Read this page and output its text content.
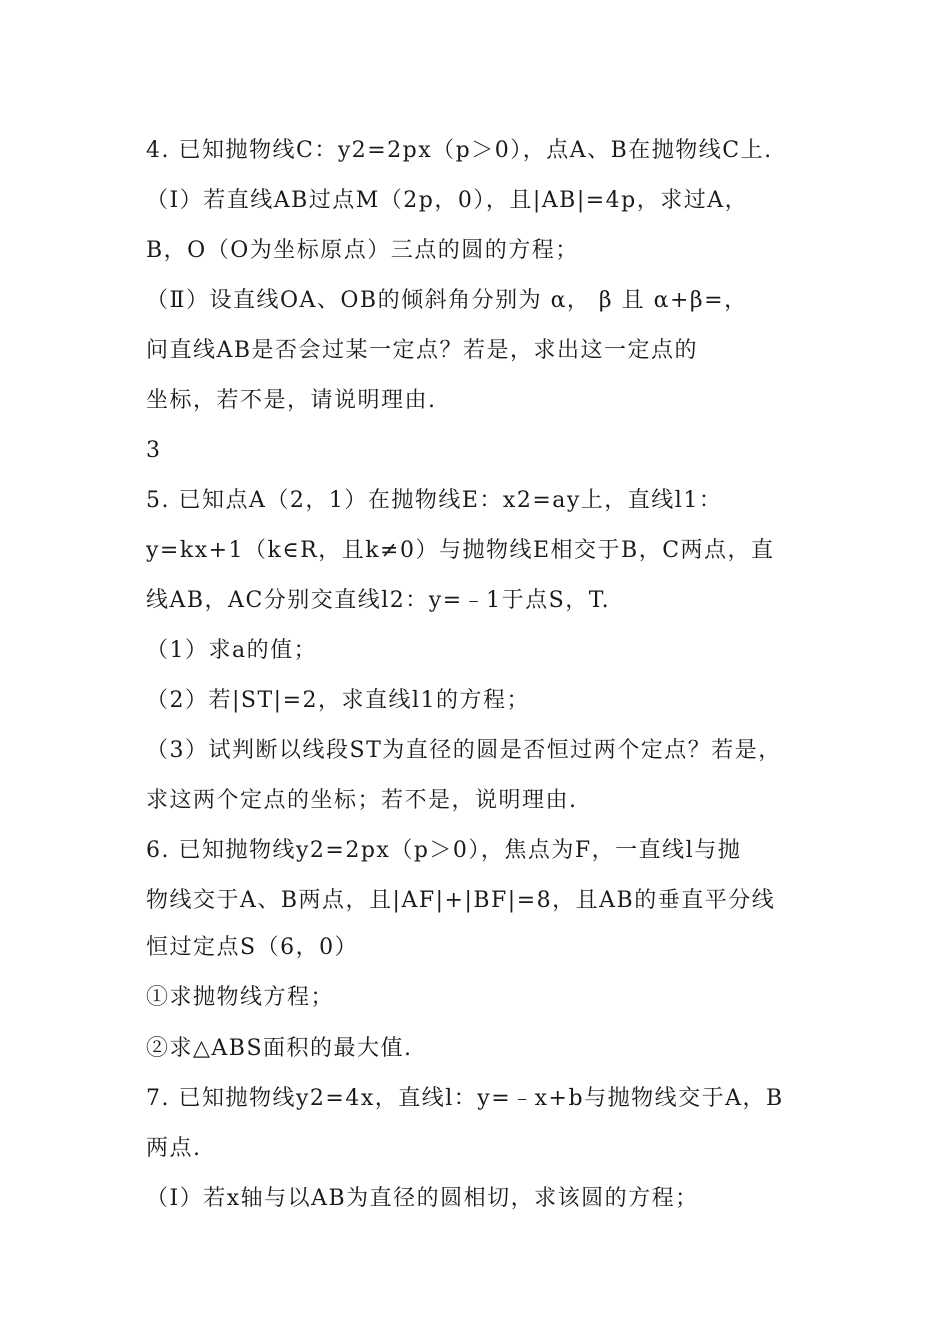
4. 已知抛物线C：y2=2px（p＞0），点A、B在抛物线C上.
（Ⅰ）若直线AB过点M（2p，0），且|AB|=4p，求过A，
B，O（O为坐标原点）三点的圆的方程；
（Ⅱ）设直线OA、OB的倾斜角分别为 α， β 且 α+β=，
问直线AB是否会过某一定点？若是，求出这一定点的
坐标，若不是，请说明理由.
3
5. 已知点A（2，1）在抛物线E：x2=ay上，直线l1：
y=kx+1（k∈R，且k≠0）与抛物线E相交于B，C两点，直
线AB，AC分别交直线l2：y=﹣1于点S，T.
（1）求a的值；
（2）若|ST|=2，求直线l1的方程；
（3）试判断以线段ST为直径的圆是否恒过两个定点？若是，
求这两个定点的坐标；若不是，说明理由.
6. 已知抛物线y2=2px（p＞0），焦点为F，一直线l与抛
物线交于A、B两点，且|AF|+|BF|=8，且AB的垂直平分线
恒过定点S（6，0）
①求抛物线方程；
②求△ABS面积的最大值.
7. 已知抛物线y2=4x，直线l：y=﹣x+b与抛物线交于A，B
两点.
（Ⅰ）若x轴与以AB为直径的圆相切，求该圆的方程；
